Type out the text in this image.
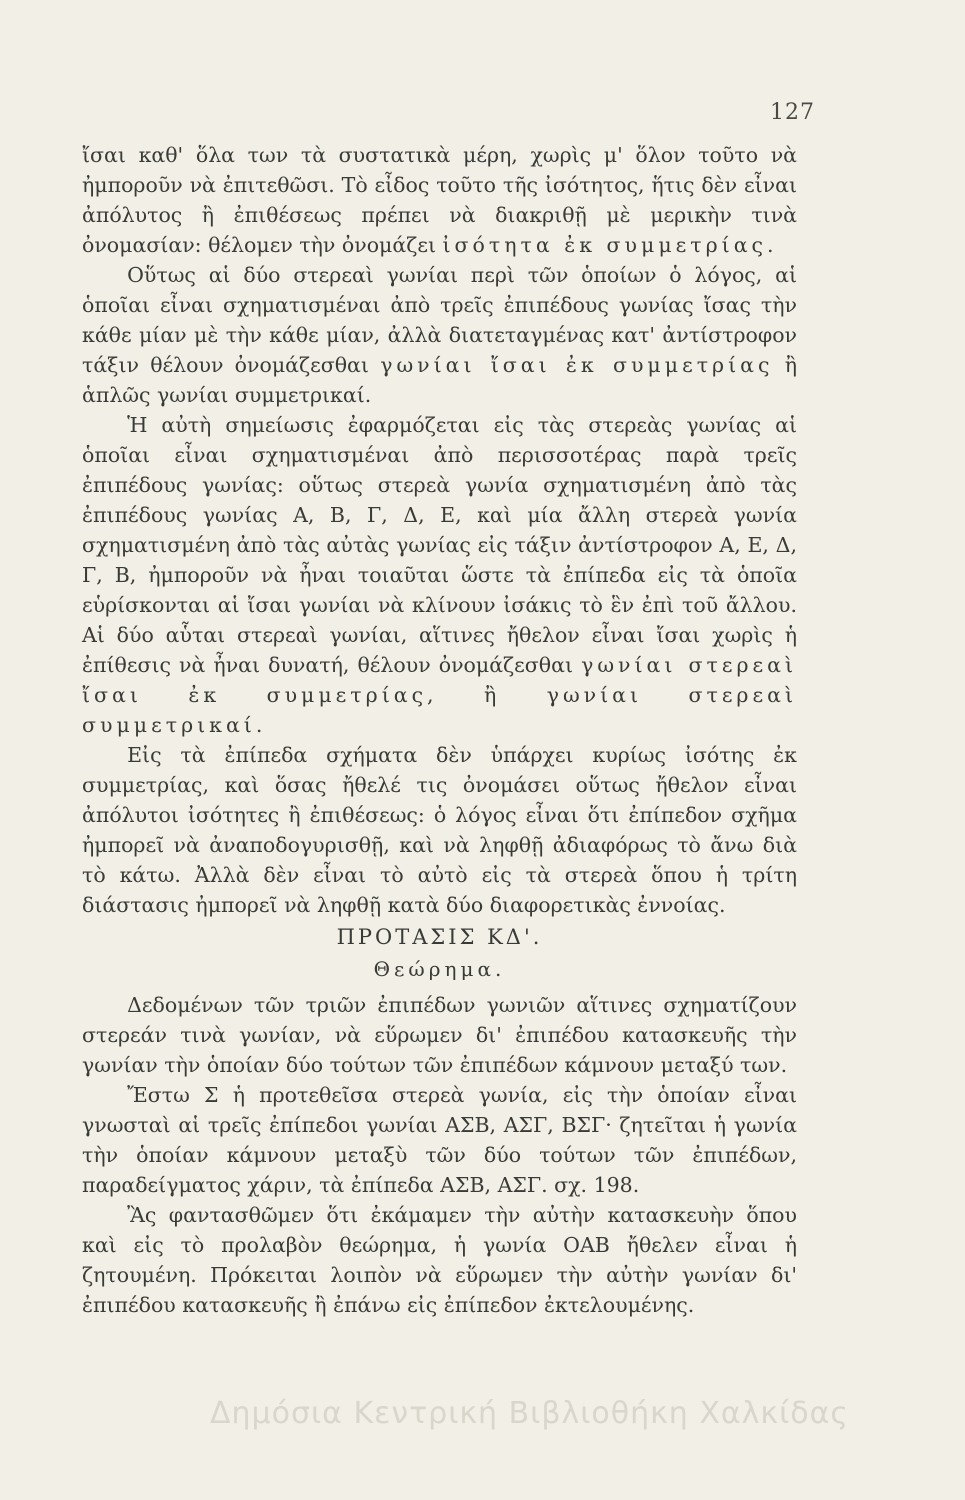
127

ἴσαι καθ' ὅλα των τὰ συστατικὰ μέρη, χωρὶς μ' ὅλον τοῦτο νὰ ἠμποροῦν νὰ ἐπιτεθῶσι. Τὸ εἶδος τοῦτο τῆς ἰσότητος, ἥτις δὲν εἶναι ἀπόλυτος ἢ ἐπιθέσεως πρέπει νὰ διακριθῇ μὲ μερικὴν τινὰ ὀνομασίαν: θέλομεν τὴν ὀνομάζει ἰσότητα ἐκ συμμετρίας.

Οὕτως αἱ δύο στερεαὶ γωνίαι περὶ τῶν ὁποίων ὁ λόγος, αἱ ὁποῖαι εἶναι σχηματισμέναι ἀπὸ τρεῖς ἐπιπέδους γωνίας ἴσας τὴν κάθε μίαν μὲ τὴν κάθε μίαν, ἀλλὰ διατεταγμένας κατ' ἀντίστροφον τάξιν θέλουν ὀνομάζεσθαι γωνίαι ἴσαι ἐκ συμμετρίας ἢ ἁπλῶς γωνίαι συμμετρικαί.

Ἡ αὐτὴ σημείωσις ἐφαρμόζεται εἰς τὰς στερεὰς γωνίας αἱ ὁποῖαι εἶναι σχηματισμέναι ἀπὸ περισσοτέρας παρὰ τρεῖς ἐπιπέδους γωνίας: οὕτως στερεὰ γωνία σχηματισμένη ἀπὸ τὰς ἐπιπέδους γωνίας Α, Β, Γ, Δ, Ε, καὶ μία ἄλλη στερεὰ γωνία σχηματισμένη ἀπὸ τὰς αὐτὰς γωνίας εἰς τάξιν ἀντίστροφον Α, Ε, Δ, Γ, Β, ἠμποροῦν νὰ ἦναι τοιαῦται ὥστε τὰ ἐπίπεδα εἰς τὰ ὁποῖα εὑρίσκονται αἱ ἴσαι γωνίαι νὰ κλίνουν ἰσάκις τὸ ἓν ἐπὶ τοῦ ἄλλου. Αἱ δύο αὗται στερεαὶ γωνίαι, αἵτινες ἤθελον εἶναι ἴσαι χωρὶς ἡ ἐπίθεσις νὰ ἦναι δυνατή, θέλουν ὀνομάζεσθαι γωνίαι στερεαὶ ἴσαι ἐκ συμμετρίας, ἢ γωνίαι στερεαὶ συμμετρικαί.

Εἰς τὰ ἐπίπεδα σχήματα δὲν ὑπάρχει κυρίως ἰσότης ἐκ συμμετρίας, καὶ ὅσας ἤθελέ τις ὀνομάσει οὕτως ἤθελον εἶναι ἀπόλυτοι ἰσότητες ἢ ἐπιθέσεως: ὁ λόγος εἶναι ὅτι ἐπίπεδον σχῆμα ἠμπορεῖ νὰ ἀναποδογυρισθῇ, καὶ νὰ ληφθῇ ἀδιαφόρως τὸ ἄνω διὰ τὸ κάτω. Ἀλλὰ δὲν εἶναι τὸ αὐτὸ εἰς τὰ στερεὰ ὅπου ἡ τρίτη διάστασις ἠμπορεῖ νὰ ληφθῇ κατὰ δύο διαφορετικὰς ἐννοίας.

ΠΡΟΤΑΣΙΣ ΚΔ'.

Θεώρημα.

Δεδομένων τῶν τριῶν ἐπιπέδων γωνιῶν αἵτινες σχηματίζουν στερεάν τινὰ γωνίαν, νὰ εὕρωμεν δι' ἐπιπέδου κατασκευῆς τὴν γωνίαν τὴν ὁποίαν δύο τούτων τῶν ἐπιπέδων κάμνουν μεταξύ των.

Ἔστω Σ ἡ προτεθεῖσα στερεὰ γωνία, εἰς τὴν ὁποίαν εἶναι γνωσταὶ αἱ τρεῖς ἐπίπεδοι γωνίαι ΑΣΒ, ΑΣΓ, ΒΣΓ· ζητεῖται ἡ γωνία τὴν ὁποίαν κάμνουν μεταξὺ τῶν δύο τούτων τῶν ἐπιπέδων, παραδείγματος χάριν, τὰ ἐπίπεδα ΑΣΒ, ΑΣΓ. σχ. 198.

Ἂς φαντασθῶμεν ὅτι ἐκάμαμεν τὴν αὐτὴν κατασκευὴν ὅπου καὶ εἰς τὸ προλαβὸν θεώρημα, ἡ γωνία ΟΑΒ ἤθελεν εἶναι ἡ ζητουμένη. Πρόκειται λοιπὸν νὰ εὕρωμεν τὴν αὐτὴν γωνίαν δι' ἐπιπέδου κατασκευῆς ἢ ἐπάνω εἰς ἐπίπεδον ἐκτελουμένης.

Δημόσια Κεντρική Βιβλιοθήκη Χαλκίδας
